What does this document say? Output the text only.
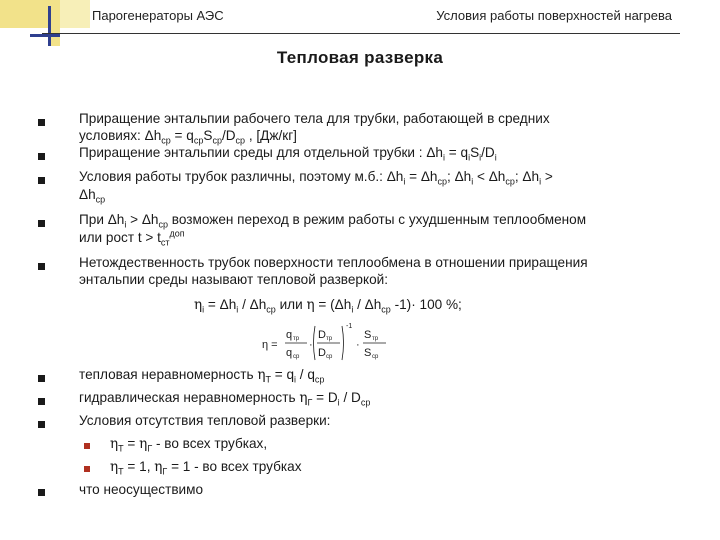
Парогенераторы АЭС	Условия работы поверхностей нагрева
Тепловая разверка
Приращение энтальпии рабочего тела для трубки, работающей в средних
условиях: $\Delta h_{ср} = q_{ср}S_{ср}/D_{ср}$ , [Дж/кг]
Приращение энтальпии среды для отдельной трубки : $\Delta h_i = q_iS_i/D_i$
Условия работы трубок различны, поэтому м.б.: $\Delta h_i = \Delta h_{ср}$; $\Delta h_i < \Delta h_{ср}$; $\Delta h_i$ >
$\Delta h_{ср}$
При $\Delta h_i > \Delta h_{ср}$ возможен переход в режим работы с ухудшенным теплообменом
или рост $t > t_{ст}^{доп}$
Нетождественность трубок поверхности теплообмена в отношении приращения
энтальпии среды называют тепловой разверкой:
$\eta_i = \Delta h_i / \Delta h_{ср}$ или $\eta = (\Delta h_i / \Delta h_{ср}$ -1)· 100 %;
η =
q тр
q ср
·
D тр
D ср
-1
·
S тр
S ср
тепловая неравномерность $\eta_Т = q_i / q_{ср}$
гидравлическая неравномерность $\eta_Г = D_i / D_{ср}$
Условия отсутствия тепловой разверки:
$\eta_Т = \eta_Г$ - во всех трубках,
$\eta_Т = 1$, $\eta_Г = 1$ - во всех трубках
что неосуществимо
